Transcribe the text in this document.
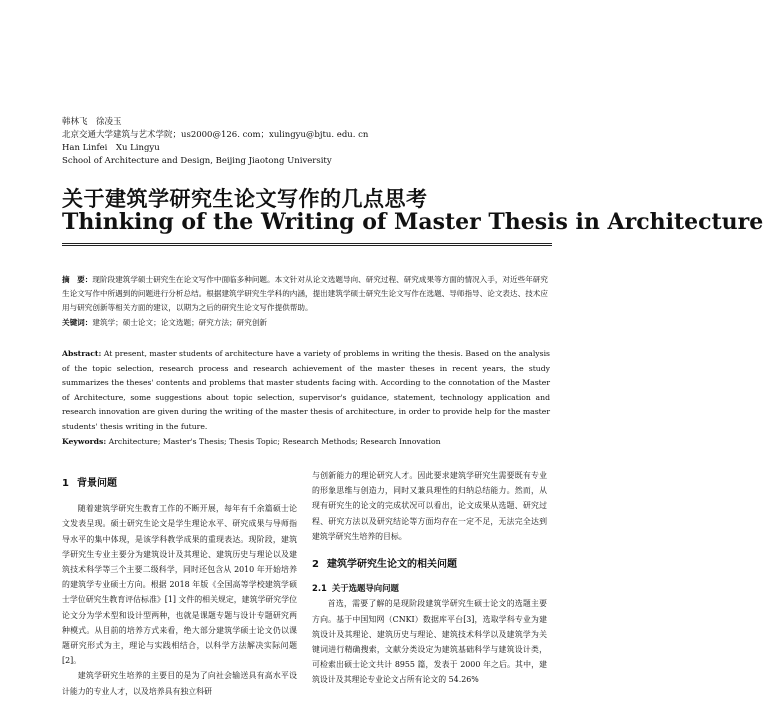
韩林飞　徐凌玉
北京交通大学建筑与艺术学院；us2000@126. com；xulingyu@bjtu. edu. cn
Han Linfei　Xu Lingyu
School of Architecture and Design, Beijing Jiaotong University
关于建筑学研究生论文写作的几点思考
Thinking of the Writing of Master Thesis in Architecture
摘　要：现阶段建筑学硕士研究生在论文写作中面临多种问题。本文针对从论文选题导向、研究过程、研究成果等方面的情况入手，对近些年研究生论文写作中所遇到的问题进行分析总结。根据建筑学研究生学科的内涵，提出建筑学硕士研究生论文写作在选题、导师指导、论文表达、技术应用与研究创新等相关方面的建议，以期为之后的研究生论文写作提供帮助。
关键词：建筑学；硕士论文；论文选题；研究方法；研究创新
Abstract: At present, master students of architecture have a variety of problems in writing the thesis. Based on the analysis of the topic selection, research process and research achievement of the master theses in recent years, the study summarizes the theses' contents and problems that master students facing with. According to the connotation of the Master of Architecture, some suggestions about topic selection, supervisor's guidance, statement, technology application and research innovation are given during the writing of the master thesis of architecture, in order to provide help for the master students' thesis writing in the future.
Keywords: Architecture; Master's Thesis; Thesis Topic; Research Methods; Research Innovation
1 背景问题

随着建筑学研究生教育工作的不断开展，每年有千余篇硕士论文发表呈现。硕士研究生论文是学生理论水平、研究成果与导师指导水平的集中体现，是该学科教学成果的重现表达。现阶段，建筑学研究生专业主要分为建筑设计及其理论、建筑历史与理论以及建筑技术科学等三个主要二级科学，同时还包含从 2010 年开始培养的建筑学专业硕士方向。根据 2018 年版《全国高等学校建筑学硕士学位研究生教育评估标准》[1] 文件的相关规定，建筑学研究学位论文分为学术型和设计型两种，也就是课题专题与设计专题研究两种模式。从目前的培养方式来看，绝大部分建筑学硕士论文仍以课题研究形式为主，理论与实践相结合，以科学方法解决实际问题[2]。

建筑学研究生培养的主要目的是为了向社会输送具有高水平设计能力的专业人才，以及培养具有独立科研

与创新能力的理论研究人才。因此要求建筑学研究生需要既有专业的形象思维与创造力，同时又兼具理性的归纳总结能力。然而，从现有研究生的论文的完成状况可以看出，论文成果从选题、研究过程、研究方法以及研究结论等方面均存在一定不足，无法完全达到建筑学研究生培养的目标。

2 建筑学研究生论文的相关问题
2.1 关于选题导向问题

首选，需要了解的是现阶段建筑学研究生硕士论文的选题主要方向。基于中国知网（CNKI）数据库平台[3]，选取学科专业为建筑设计及其理论、建筑历史与理论、建筑技术科学以及建筑学为关键词进行精确搜索，文献分类设定为建筑基础科学与建筑设计类，可检索出硕士论文共计 8955 篇，发表于 2000 年之后。其中，建筑设计及其理论专业论文占所有论文的 54.26%
